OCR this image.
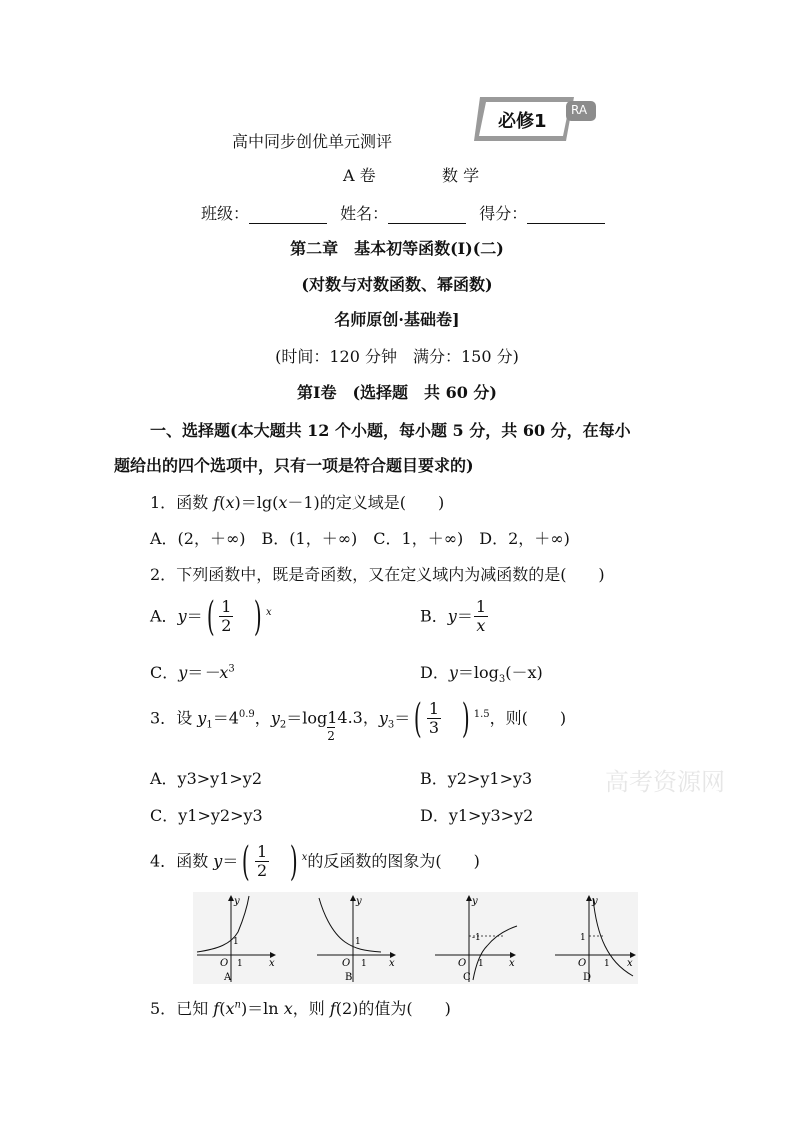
必修1
RA
高中同步创优单元测评
A 卷	数 学
班级：	姓名：	得分：
第二章　基本初等函数(Ⅰ)(二)
(对数与对数函数、幂函数)
名师原创·基础卷]
(时间：120 分钟　满分：150 分)
第Ⅰ卷　(选择题　共 60 分)
一、选择题(本大题共 12 个小题，每小题 5 分，共 60 分，在每小
题给出的四个选项中，只有一项是符合题目要求的)
1．函数 f(x)＝lg(x－1)的定义域是(　　)
A．(2，＋∞)　B．(1，＋∞)　C．1，＋∞)　D．2，＋∞)
2．下列函数中，既是奇函数，又在定义域内为减函数的是(　　)
A．$y=( \frac{1}{2}$ ) $^x$	B．$y= \frac{1}{x}$
C．$y=-x^3$	D．$y=\log_3(-x)$
3．设 $y_1=4^{0.9}$，$y_2=\log 14.3$，
2
$y_3=( \frac{1}{3}$ ) $^{1.5}$，则(　　)
A．y3>y1>y2	B．y2>y1>y3
C．y1>y2>y3	D．y1>y3>y2
高考资源网
4．函数 $y=( \frac{1}{2}$ ) $^x$的反函数的图象为(　　)
y
x
O 1
1
A
y
x
O 1
1
B
y
x
O 1
-1
C
y
x
O 1
1
D
5．已知 $f(x^n)=\ln$ x，则 f(2)的值为(　　)
